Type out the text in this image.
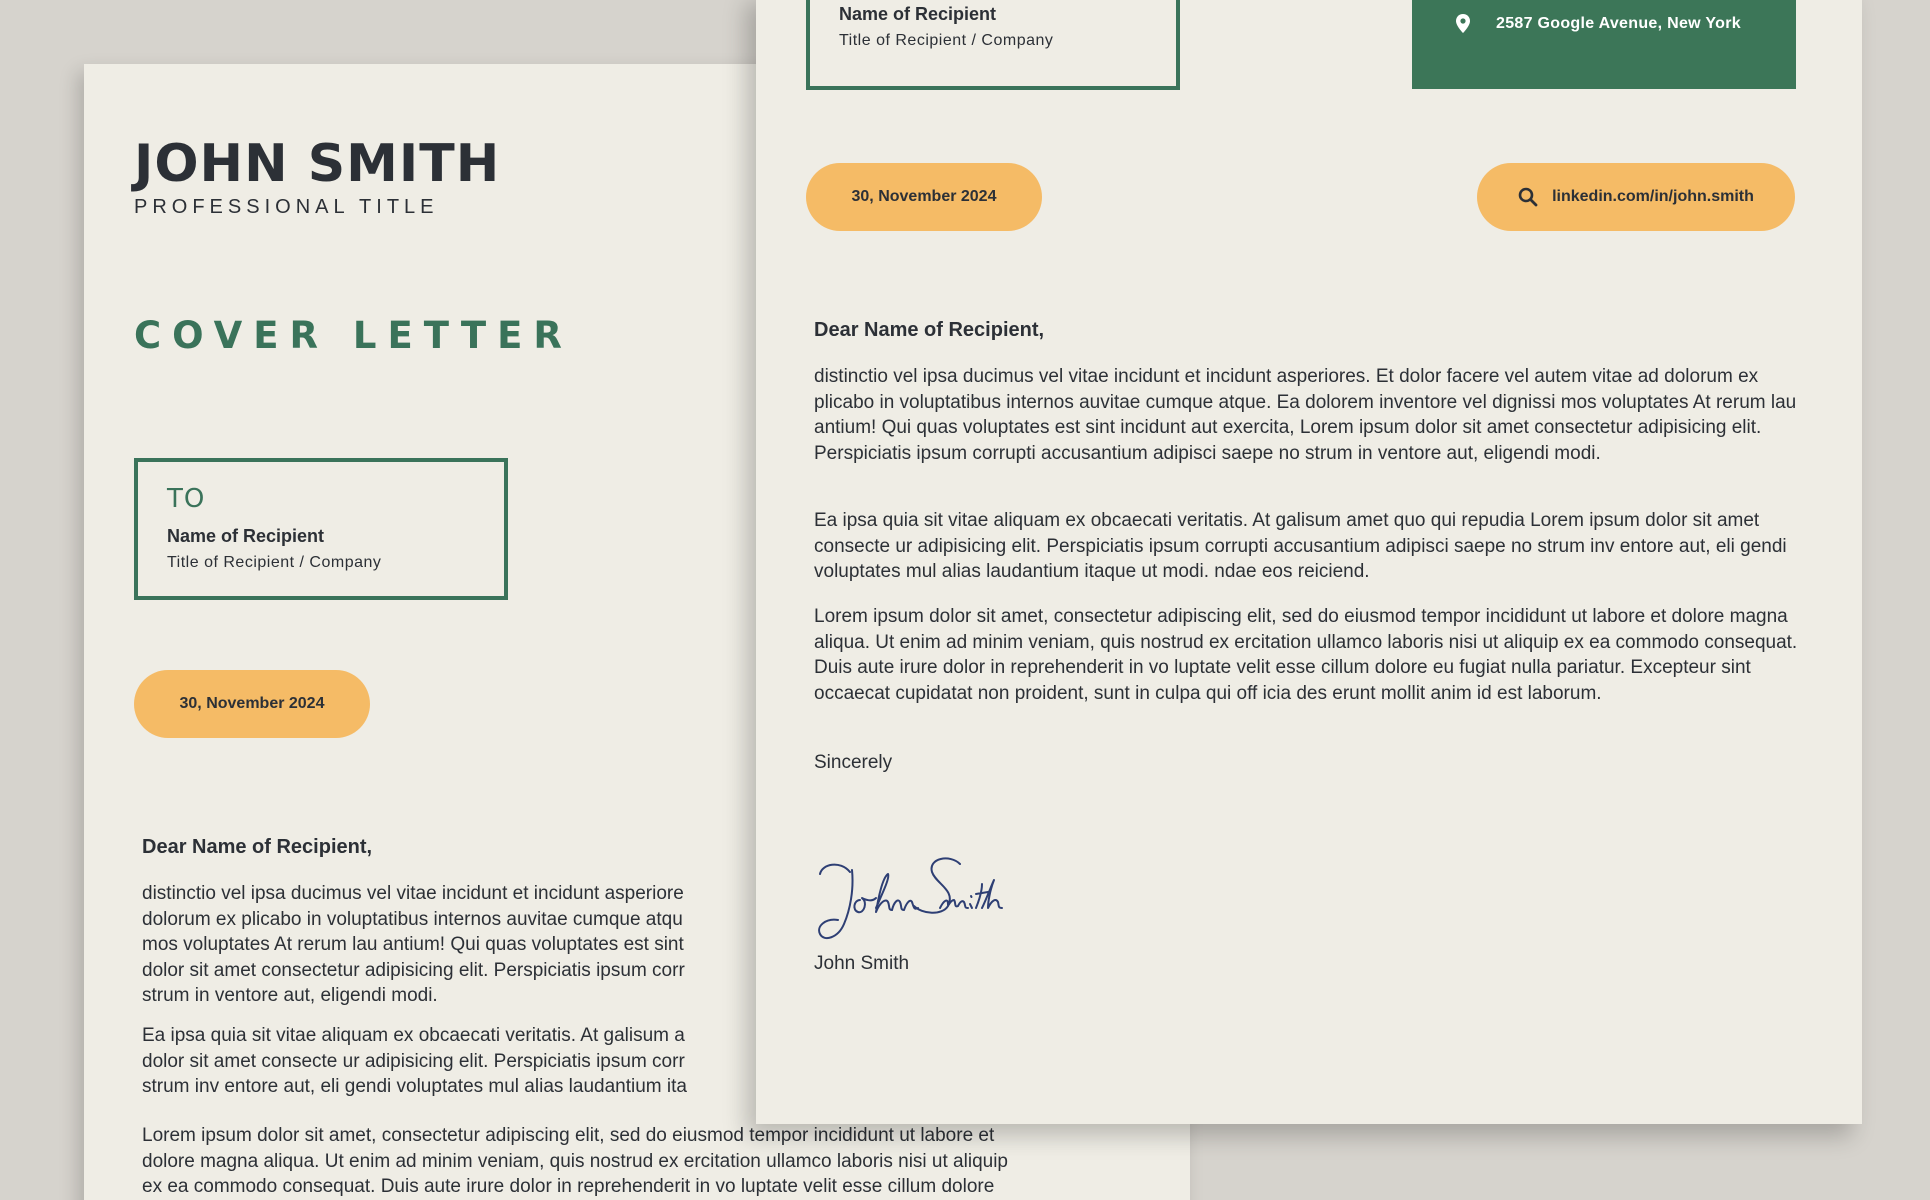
JOHN SMITH
PROFESSIONAL TITLE
COVER LETTER
TO
Name of Recipient
Title of Recipient / Company
30, November 2024
Dear Name of Recipient,
distinctio vel ipsa ducimus vel vitae incidunt et incidunt asperiore
dolorum ex plicabo in voluptatibus internos auvitae cumque atqu
mos voluptates At rerum lau antium! Qui quas voluptates est sint
dolor sit amet consectetur adipisicing elit. Perspiciatis ipsum corr
strum in ventore aut, eligendi modi.
Ea ipsa quia sit vitae aliquam ex obcaecati veritatis. At galisum a
dolor sit amet consecte ur adipisicing elit. Perspiciatis ipsum corr
strum inv entore aut, eli gendi voluptates mul alias laudantium ita
Lorem ipsum dolor sit amet, consectetur adipiscing elit, sed do eiusmod tempor incididunt ut labore et
dolore magna aliqua. Ut enim ad minim veniam, quis nostrud ex ercitation ullamco laboris nisi ut aliquip
ex ea commodo consequat. Duis aute irure dolor in reprehenderit in vo luptate velit esse cillum dolore
Name of Recipient
Title of Recipient / Company
2587 Google Avenue, New York
30, November 2024	linkedin.com/in/john.smith
Dear Name of Recipient,
distinctio vel ipsa ducimus vel vitae incidunt et incidunt asperiores. Et dolor facere vel autem vitae ad dolorum ex plicabo in voluptatibus internos auvitae cumque atque. Ea dolorem inventore vel dignissi mos voluptates At rerum lau antium! Qui quas voluptates est sint incidunt aut exercita, Lorem ipsum dolor sit amet consectetur adipisicing elit. Perspiciatis ipsum corrupti accusantium adipisci saepe no strum in ventore aut, eligendi modi.
Ea ipsa quia sit vitae aliquam ex obcaecati veritatis. At galisum amet quo qui repudia Lorem ipsum dolor sit amet consecte ur adipisicing elit. Perspiciatis ipsum corrupti accusantium adipisci saepe no strum inv entore aut, eli gendi voluptates mul alias laudantium itaque ut modi. ndae eos reiciend.
Lorem ipsum dolor sit amet, consectetur adipiscing elit, sed do eiusmod tempor incididunt ut labore et dolore magna aliqua. Ut enim ad minim veniam, quis nostrud ex ercitation ullamco laboris nisi ut aliquip ex ea commodo consequat. Duis aute irure dolor in reprehenderit in vo luptate velit esse cillum dolore eu fugiat nulla pariatur. Excepteur sint occaecat cupidatat non proident, sunt in culpa qui off icia des erunt mollit anim id est laborum.
Sincerely
John Smith
